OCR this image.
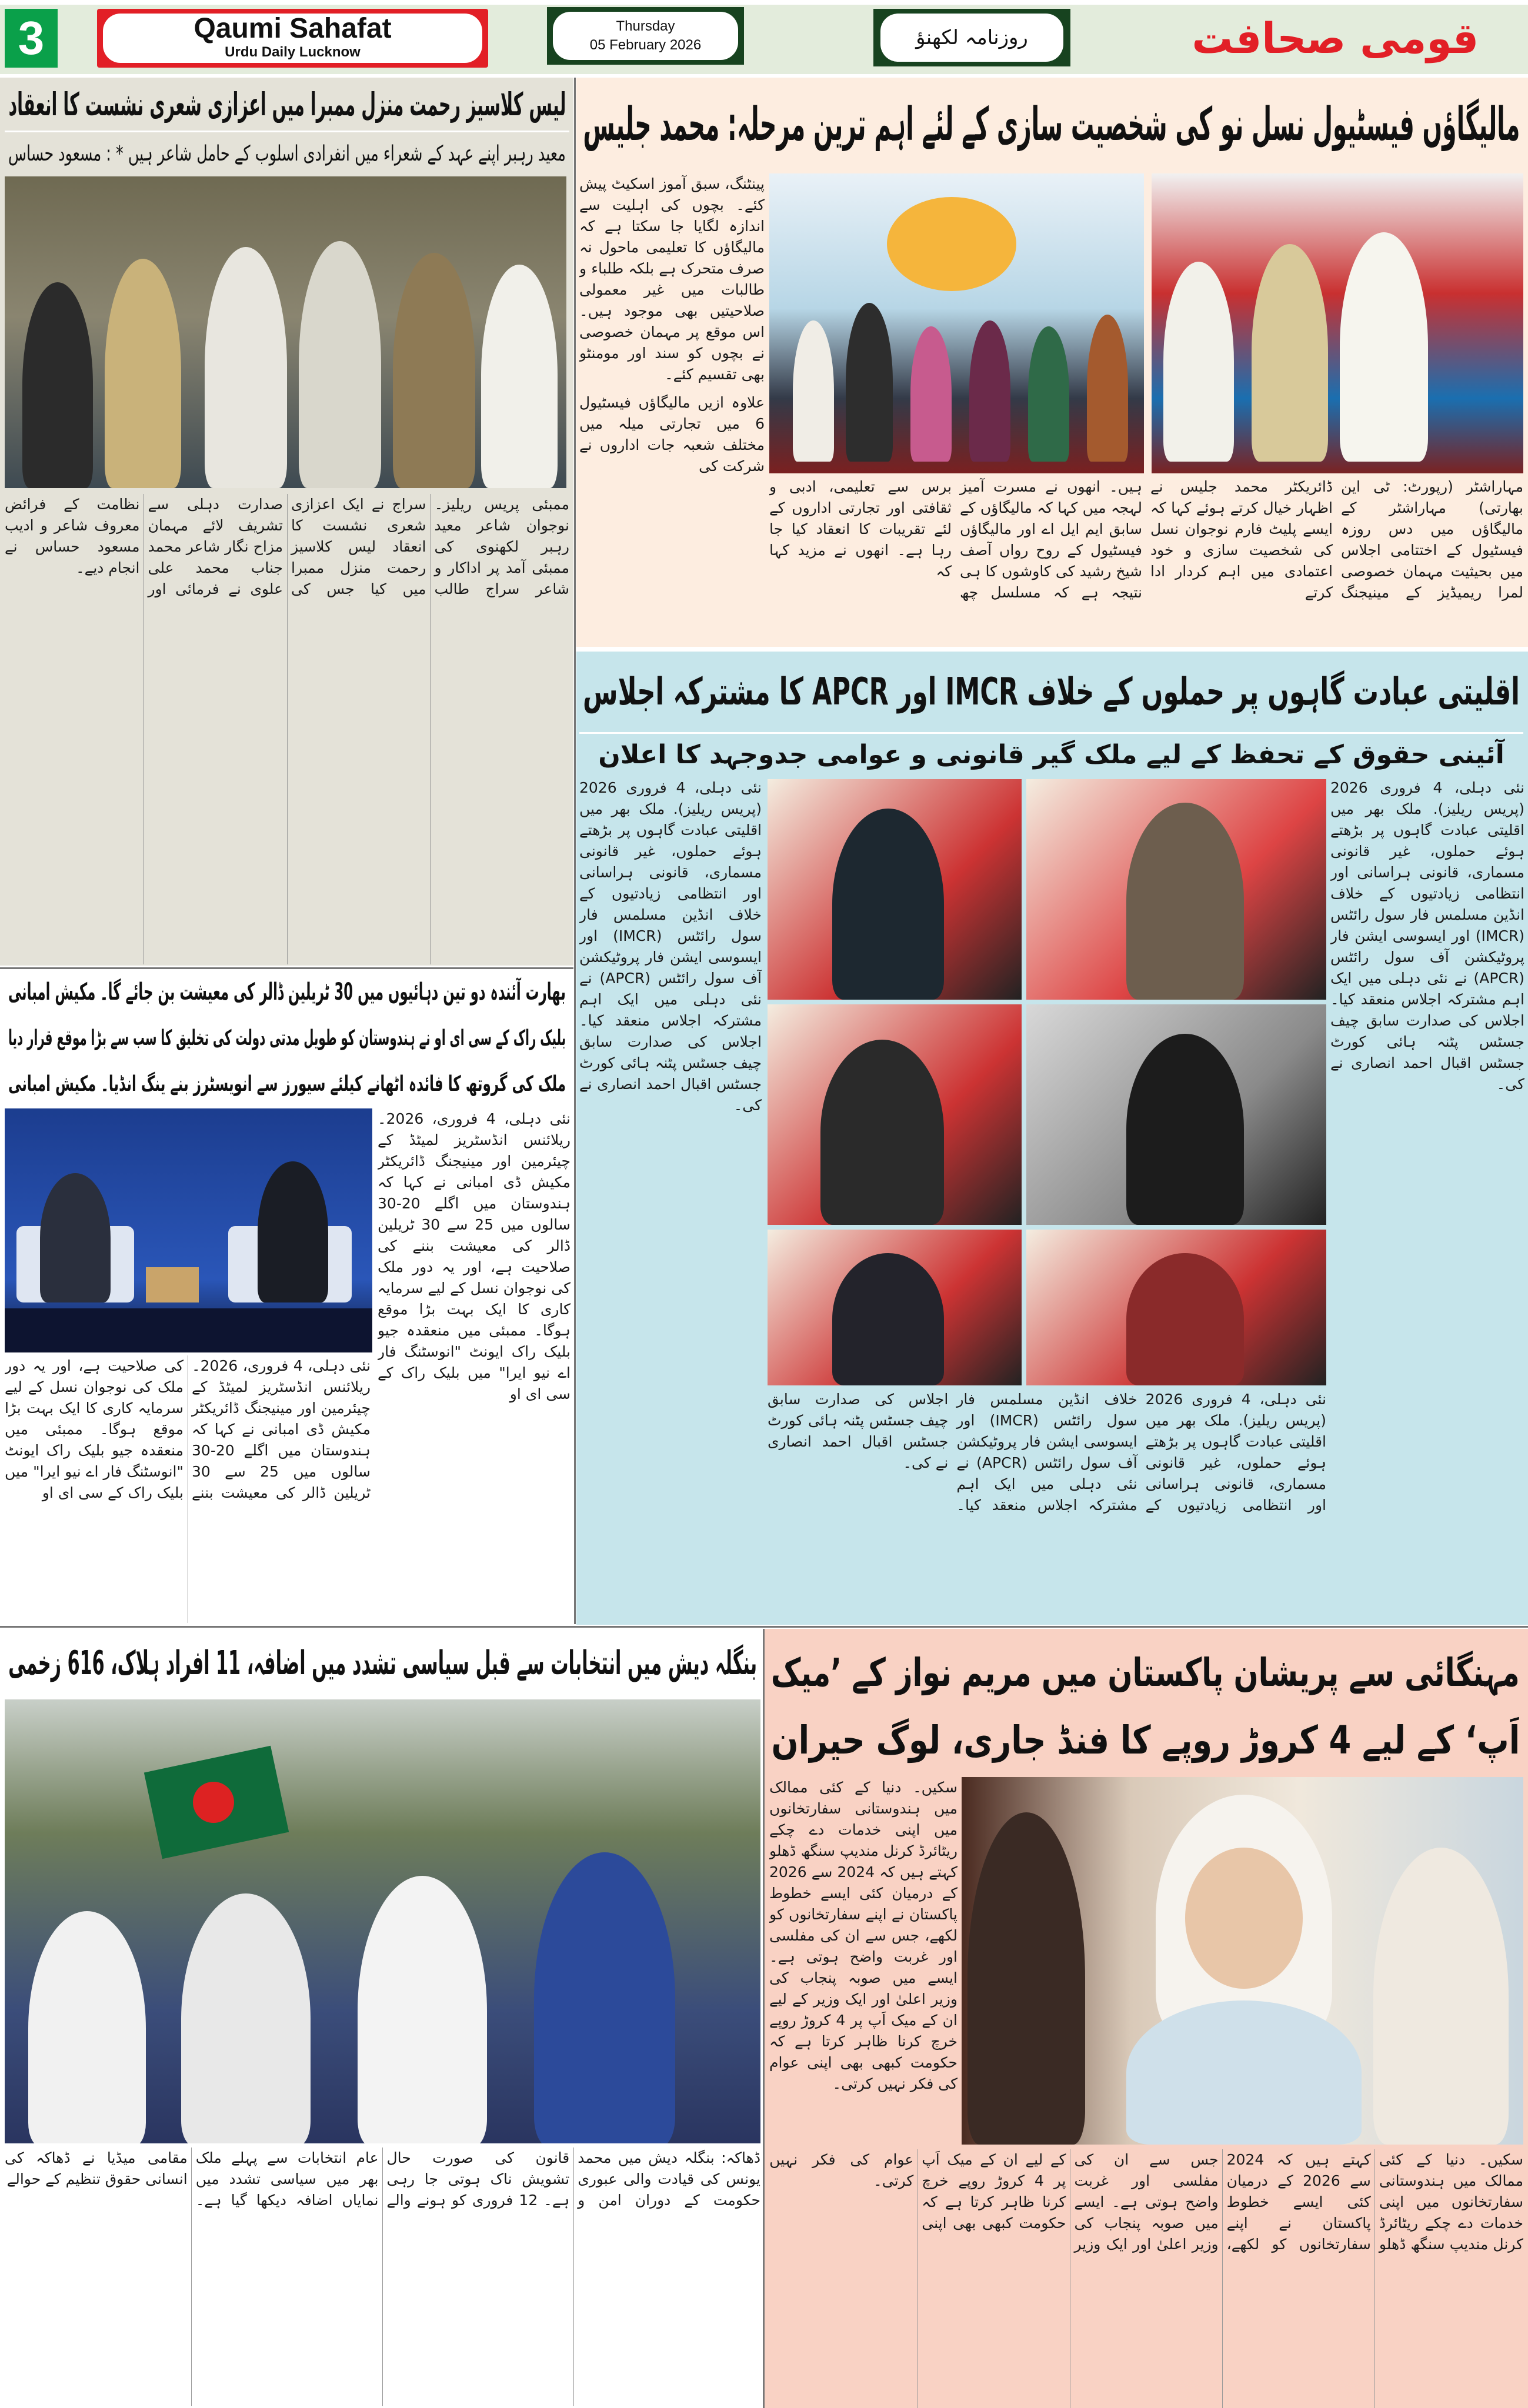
3	Qaumi Sahafat
Urdu Daily Lucknow
Thursday
05 February 2026	روزنامہ لکھنؤ	قومی صحافت
لیس کلاسیز رحمت منزل ممبرا میں اعزازی شعری نشست کا انعقاد
معید رہبر اپنے عہد کے شعراء میں انفرادی اسلوب کے حامل شاعر ہیں * : مسعود حساس
ممبئی پریس ریلیز۔ نوجوان شاعر معید رہبر لکھنوی کی ممبئی آمد پر اداکار و شاعر سراج طالب سراج نے ایک اعزازی شعری نشست کا انعقاد لیس کلاسیز رحمت منزل ممبرا میں کیا جس کی صدارت دہلی سے تشریف لائے مہمان مزاح نگار شاعر محمد جناب محمد علی علوی نے فرمائی اور نظامت کے فرائض معروف شاعر و ادیب مسعود حساس نے انجام دیے۔
بھارت آئندہ دو تین دہائیوں میں 30 ٹریلین ڈالر کی معیشت بن جائے گا۔ مکیش امبانی
بلیک راک کے سی ای او نے ہندوستان کو طویل مدتی دولت کی تخلیق کا سب سے بڑا موقع قرار دیا
ملک کی گروتھ کا فائدہ اٹھانے کیلئے سیورز سے انویسٹرز بنے ینگ انڈیا۔ مکیش امبانی
نئی دہلی، 4 فروری، 2026۔ ریلائنس انڈسٹریز لمیٹڈ کے چیئرمین اور مینیجنگ ڈائریکٹر مکیش ڈی امبانی نے کہا کہ ہندوستان میں اگلے 20-30 سالوں میں 25 سے 30 ٹریلین ڈالر کی معیشت بننے کی صلاحیت ہے، اور یہ دور ملک کی نوجوان نسل کے لیے سرمایہ کاری کا ایک بہت بڑا موقع ہوگا۔ ممبئی میں منعقدہ جیو بلیک راک ایونٹ "انوسٹنگ فار اے نیو ایرا" میں بلیک راک کے سی ای او
نئی دہلی، 4 فروری، 2026۔ ریلائنس انڈسٹریز لمیٹڈ کے چیئرمین اور مینیجنگ ڈائریکٹر مکیش ڈی امبانی نے کہا کہ ہندوستان میں اگلے 20-30 سالوں میں 25 سے 30 ٹریلین ڈالر کی معیشت بننے کی صلاحیت ہے، اور یہ دور ملک کی نوجوان نسل کے لیے سرمایہ کاری کا ایک بہت بڑا موقع ہوگا۔ ممبئی میں منعقدہ جیو بلیک راک ایونٹ "انوسٹنگ فار اے نیو ایرا" میں بلیک راک کے سی ای او
مالیگاؤں فیسٹیول نسل نو کی شخصیت سازی کے لئے اہم ترین مرحلہ: محمد جلیس

پینٹنگ، سبق آموز اسکیٹ پیش کئے۔ بچوں کی اہلیت سے اندازہ لگایا جا سکتا ہے کہ مالیگاؤں کا تعلیمی ماحول نہ صرف متحرک ہے بلکہ طلباء و طالبات میں غیر معمولی صلاحیتیں بھی موجود ہیں۔ اس موقع پر مہمان خصوصی نے بچوں کو سند اور مومنٹو بھی تقسیم کئے۔

علاوہ ازیں مالیگاؤں فیسٹیول 6 میں تجارتی میلہ میں مختلف شعبہ جات اداروں نے شرکت کی

مہاراشٹر (رپورٹ: ٹی این بھارتی) مہاراشٹر کے مالیگاؤں میں دس روزہ فیسٹیول کے اختتامی اجلاس میں بحیثیت مہمان خصوصی لمرا ریمیڈیز کے مینیجنگ ڈائریکٹر محمد جلیس نے اظہار خیال کرتے ہوئے کہا کہ ایسے پلیٹ فارم نوجوان نسل کی شخصیت سازی و خود اعتمادی میں اہم کردار ادا کرتے

ہیں۔ انھوں نے مسرت آمیز لہجہ میں کہا کہ مالیگاؤں کے سابق ایم ایل اے اور مالیگاؤں فیسٹیول کے روح رواں آصف شیخ رشید کی کاوشوں کا ہی نتیجہ ہے کہ مسلسل چھ برس سے تعلیمی، ادبی و ثقافتی اور تجارتی اداروں کے لئے تقریبات کا انعقاد کیا جا رہا ہے۔ انھوں نے مزید کہا کہ

اقلیتی عبادت گاہوں پر حملوں کے خلاف IMCR اور APCR کا مشترکہ اجلاس
آئینی حقوق کے تحفظ کے لیے ملک گیر قانونی و عوامی جدوجہد کا اعلان
نئی دہلی، 4 فروری 2026 (پریس ریلیز). ملک بھر میں اقلیتی عبادت گاہوں پر بڑھتے ہوئے حملوں، غیر قانونی مسماری، قانونی ہراسانی اور انتظامی زیادتیوں کے خلاف انڈین مسلمس فار سول رائٹس (IMCR) اور ایسوسی ایشن فار پروٹیکشن آف سول رائٹس (APCR) نے نئی دہلی میں ایک اہم مشترکہ اجلاس منعقد کیا۔ اجلاس کی صدارت سابق چیف جسٹس پٹنہ ہائی کورٹ جسٹس اقبال احمد انصاری نے کی۔
نئی دہلی، 4 فروری 2026 (پریس ریلیز). ملک بھر میں اقلیتی عبادت گاہوں پر بڑھتے ہوئے حملوں، غیر قانونی مسماری، قانونی ہراسانی اور انتظامی زیادتیوں کے خلاف انڈین مسلمس فار سول رائٹس (IMCR) اور ایسوسی ایشن فار پروٹیکشن آف سول رائٹس (APCR) نے نئی دہلی میں ایک اہم مشترکہ اجلاس منعقد کیا۔ اجلاس کی صدارت سابق چیف جسٹس پٹنہ ہائی کورٹ جسٹس اقبال احمد انصاری نے کی۔
نئی دہلی، 4 فروری 2026 (پریس ریلیز). ملک بھر میں اقلیتی عبادت گاہوں پر بڑھتے ہوئے حملوں، غیر قانونی مسماری، قانونی ہراسانی اور انتظامی زیادتیوں کے خلاف انڈین مسلمس فار سول رائٹس (IMCR) اور ایسوسی ایشن فار پروٹیکشن آف سول رائٹس (APCR) نے نئی دہلی میں ایک اہم مشترکہ اجلاس منعقد کیا۔ اجلاس کی صدارت سابق چیف جسٹس پٹنہ ہائی کورٹ جسٹس اقبال احمد انصاری نے کی۔
بنگلہ دیش میں انتخابات سے قبل سیاسی تشدد میں اضافہ، 11 افراد ہلاک، 616 زخمی
ڈھاکہ: بنگلہ دیش میں محمد یونس کی قیادت والی عبوری حکومت کے دوران امن و قانون کی صورت حال تشویش ناک ہوتی جا رہی ہے۔ 12 فروری کو ہونے والے عام انتخابات سے پہلے ملک بھر میں سیاسی تشدد میں نمایاں اضافہ دیکھا گیا ہے۔ مقامی میڈیا نے ڈھاکہ کی انسانی حقوق تنظیم کے حوالے
مہنگائی سے پریشان پاکستان میں مریم نواز کے ’میک
اَپ‘ کے لیے 4 کروڑ روپے کا فنڈ جاری، لوگ حیران
سکیں۔ دنیا کے کئی ممالک میں ہندوستانی سفارتخانوں میں اپنی خدمات دے چکے ریٹائرڈ کرنل مندیپ سنگھ ڈھلو کہتے ہیں کہ 2024 سے 2026 کے درمیان کئی ایسے خطوط پاکستان نے اپنے سفارتخانوں کو لکھے، جس سے ان کی مفلسی اور غربت واضح ہوتی ہے۔ ایسے میں صوبہ پنجاب کی وزیر اعلیٰ اور ایک وزیر کے لیے ان کے میک اَپ پر 4 کروڑ روپے خرچ کرنا ظاہر کرتا ہے کہ حکومت کبھی بھی اپنی عوام کی فکر نہیں کرتی۔
سکیں۔ دنیا کے کئی ممالک میں ہندوستانی سفارتخانوں میں اپنی خدمات دے چکے ریٹائرڈ کرنل مندیپ سنگھ ڈھلو کہتے ہیں کہ 2024 سے 2026 کے درمیان کئی ایسے خطوط پاکستان نے اپنے سفارتخانوں کو لکھے، جس سے ان کی مفلسی اور غربت واضح ہوتی ہے۔ ایسے میں صوبہ پنجاب کی وزیر اعلیٰ اور ایک وزیر کے لیے ان کے میک اَپ پر 4 کروڑ روپے خرچ کرنا ظاہر کرتا ہے کہ حکومت کبھی بھی اپنی عوام کی فکر نہیں کرتی۔
